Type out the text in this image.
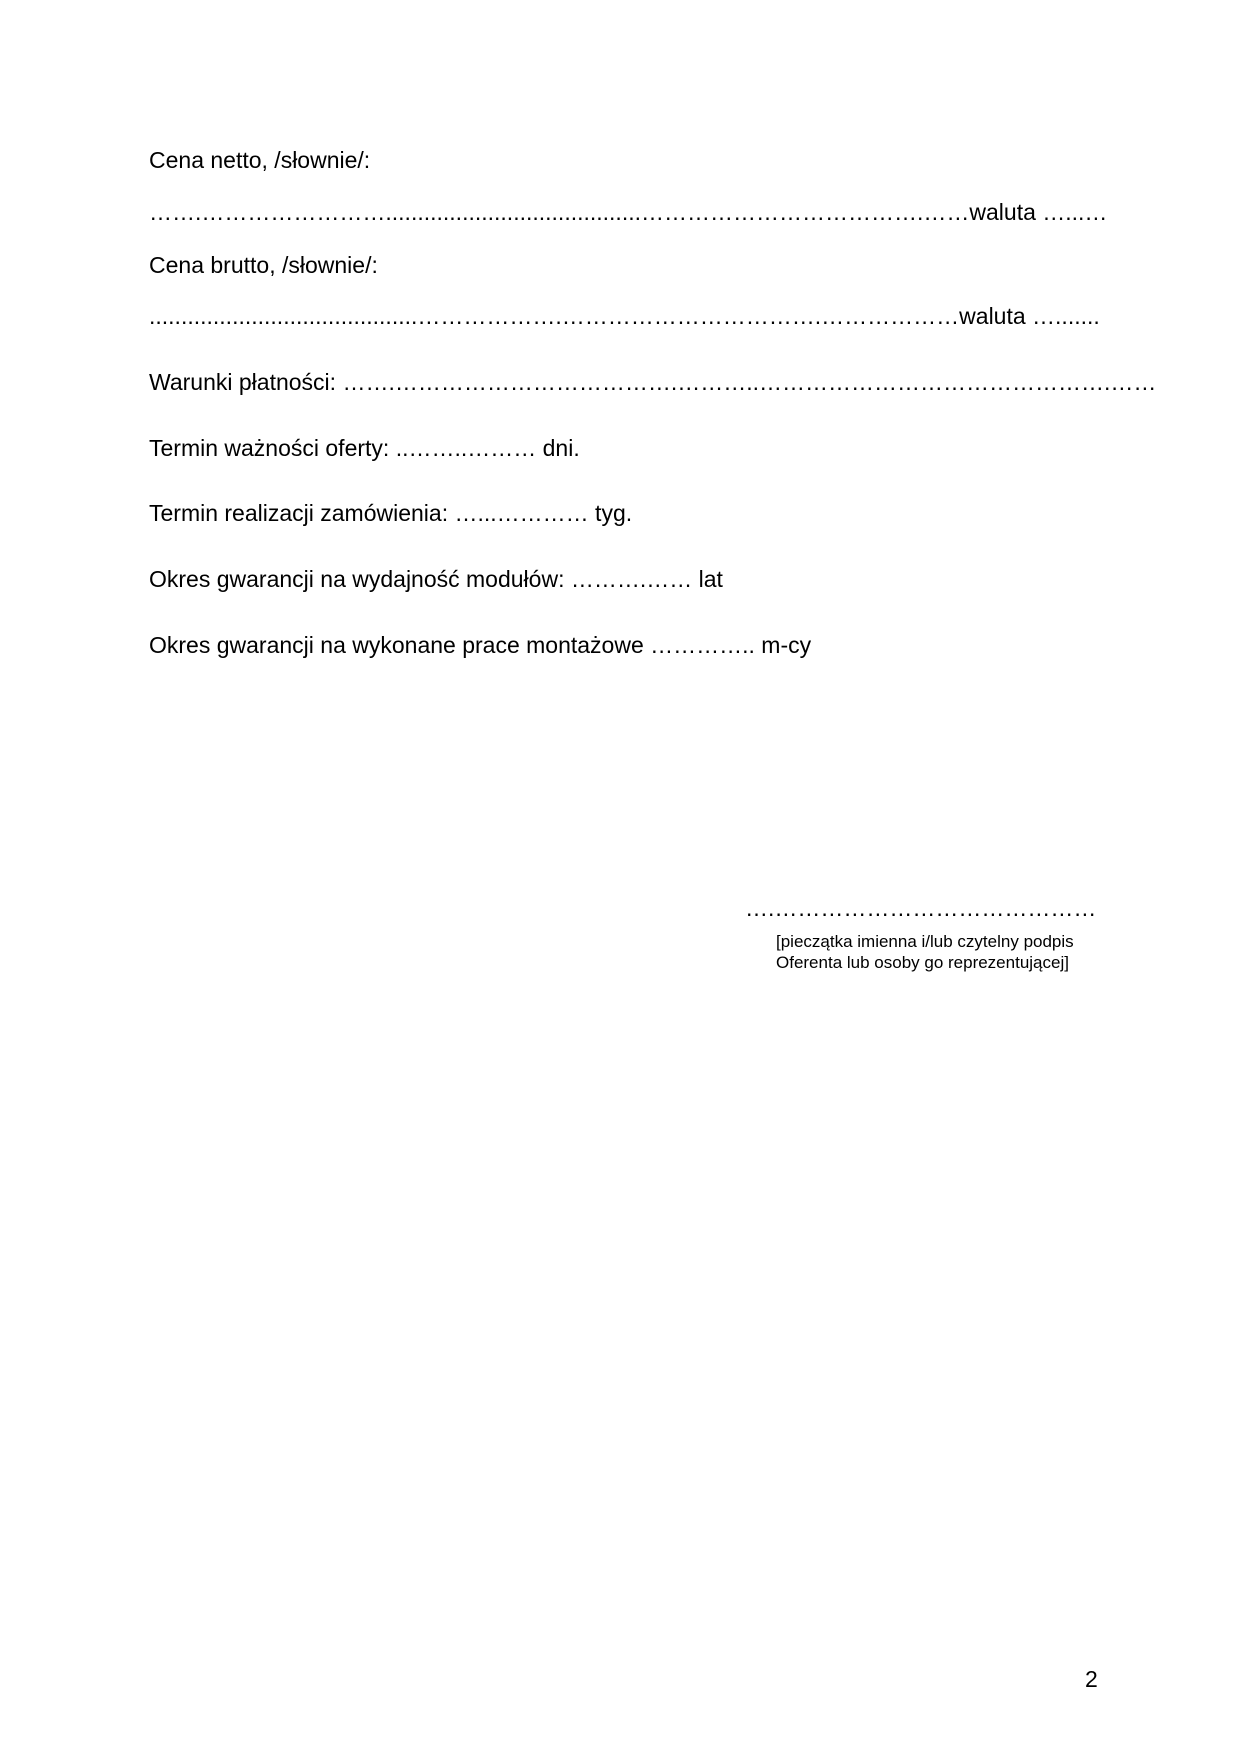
Cena netto, /słownie/:
…….……………………........................................……………………………….……waluta …...…
Cena brutto, /słownie/:
..........................................……………….…………………………….………………waluta ….......
Warunki płatności: …….……………………………….………..……………………………………….……
Termin ważności oferty: ..……..……… dni.
Termin realizacji zamówienia: …...………… tyg.
Okres gwarancji na wydajność modułów: ……….…… lat
Okres gwarancji na wykonane prace montażowe ………….. m-cy
….……………………………………
[pieczątka imienna i/lub czytelny podpis
Oferenta lub osoby go reprezentującej]
2
